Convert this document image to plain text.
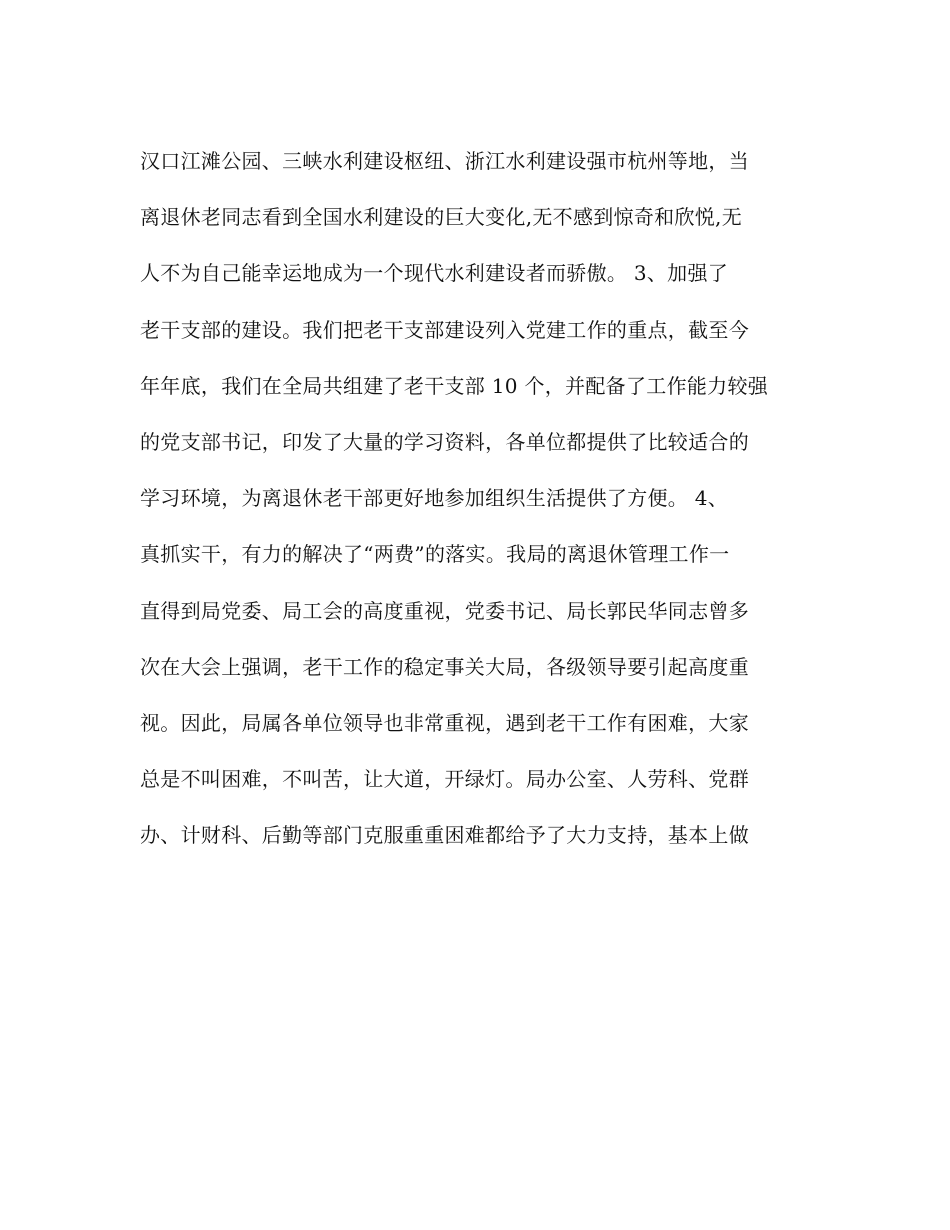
汉口江滩公园、三峡水利建设枢纽、浙江水利建设强市杭州等地，当
离退休老同志看到全国水利建设的巨大变化,无不感到惊奇和欣悦,无
人不为自己能幸运地成为一个现代水利建设者而骄傲。 3、加强了
老干支部的建设。我们把老干支部建设列入党建工作的重点，截至今
年年底，我们在全局共组建了老干支部 10 个，并配备了工作能力较强
的党支部书记，印发了大量的学习资料，各单位都提供了比较适合的
学习环境，为离退休老干部更好地参加组织生活提供了方便。 4、
真抓实干，有力的解决了“两费”的落实。我局的离退休管理工作一
直得到局党委、局工会的高度重视，党委书记、局长郭民华同志曾多
次在大会上强调，老干工作的稳定事关大局，各级领导要引起高度重
视。因此，局属各单位领导也非常重视，遇到老干工作有困难，大家
总是不叫困难，不叫苦，让大道，开绿灯。局办公室、人劳科、党群
办、计财科、后勤等部门克服重重困难都给予了大力支持，基本上做
